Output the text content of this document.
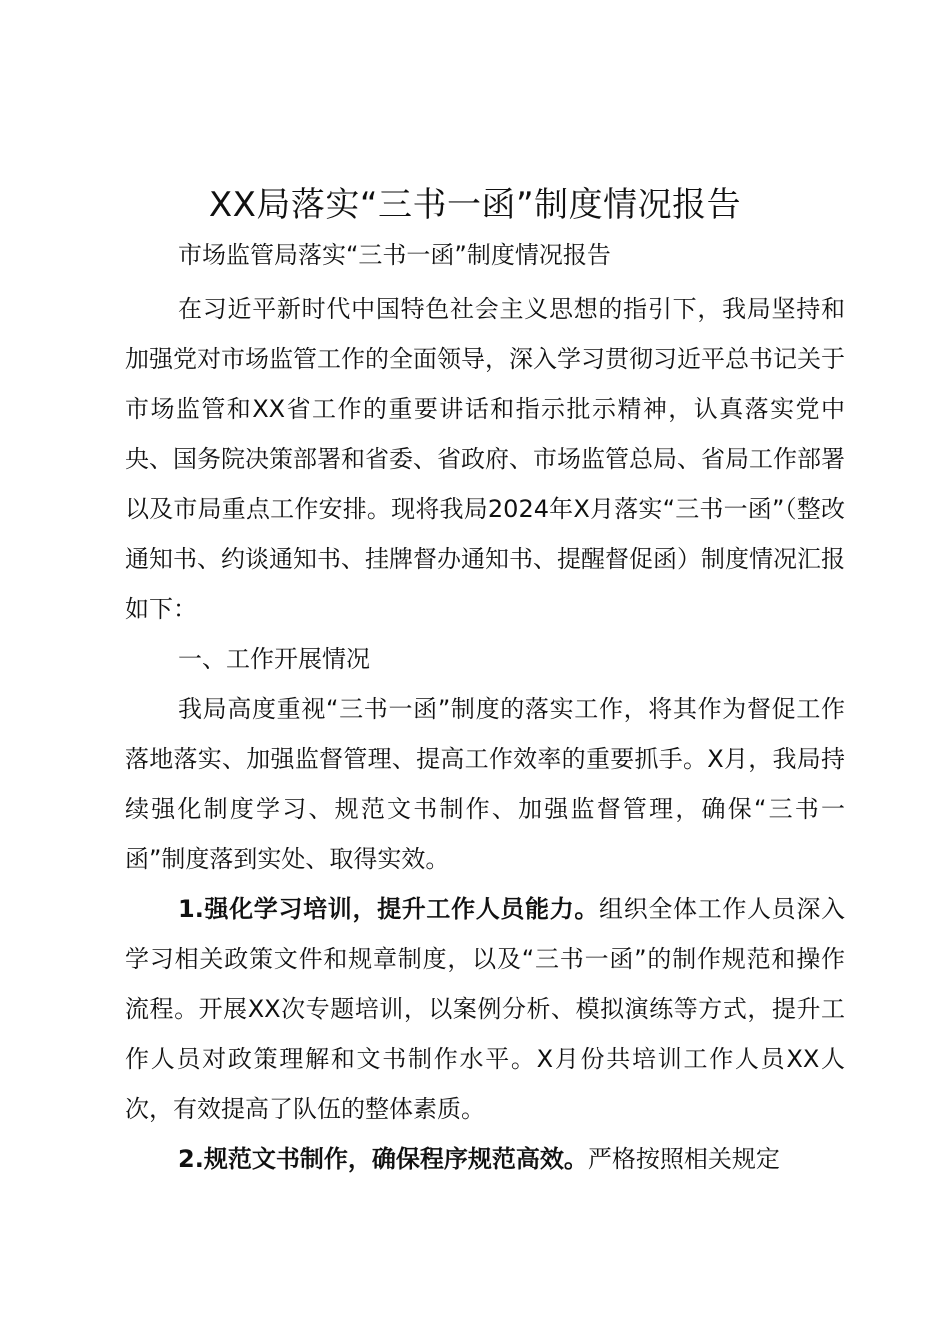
XX局落实“三书一函”制度情况报告

市场监管局落实“三书一函”制度情况报告

在习近平新时代中国特色社会主义思想的指引下，我局坚持和加强党对市场监管工作的全面领导，深入学习贯彻习近平总书记关于市场监管和XX省工作的重要讲话和指示批示精神，认真落实党中央、国务院决策部署和省委、省政府、市场监管总局、省局工作部署以及市局重点工作安排。现将我局2024年X月落实“三书一函”（整改通知书、约谈通知书、挂牌督办通知书、提醒督促函）制度情况汇报如下：

一、工作开展情况

我局高度重视“三书一函”制度的落实工作，将其作为督促工作落地落实、加强监督管理、提高工作效率的重要抓手。X月，我局持续强化制度学习、规范文书制作、加强监督管理，确保“三书一函”制度落到实处、取得实效。

1.强化学习培训，提升工作人员能力。组织全体工作人员深入学习相关政策文件和规章制度，以及“三书一函”的制作规范和操作流程。开展XX次专题培训，以案例分析、模拟演练等方式，提升工作人员对政策理解和文书制作水平。X月份共培训工作人员XX人次，有效提高了队伍的整体素质。

2.规范文书制作，确保程序规范高效。严格按照相关规定
